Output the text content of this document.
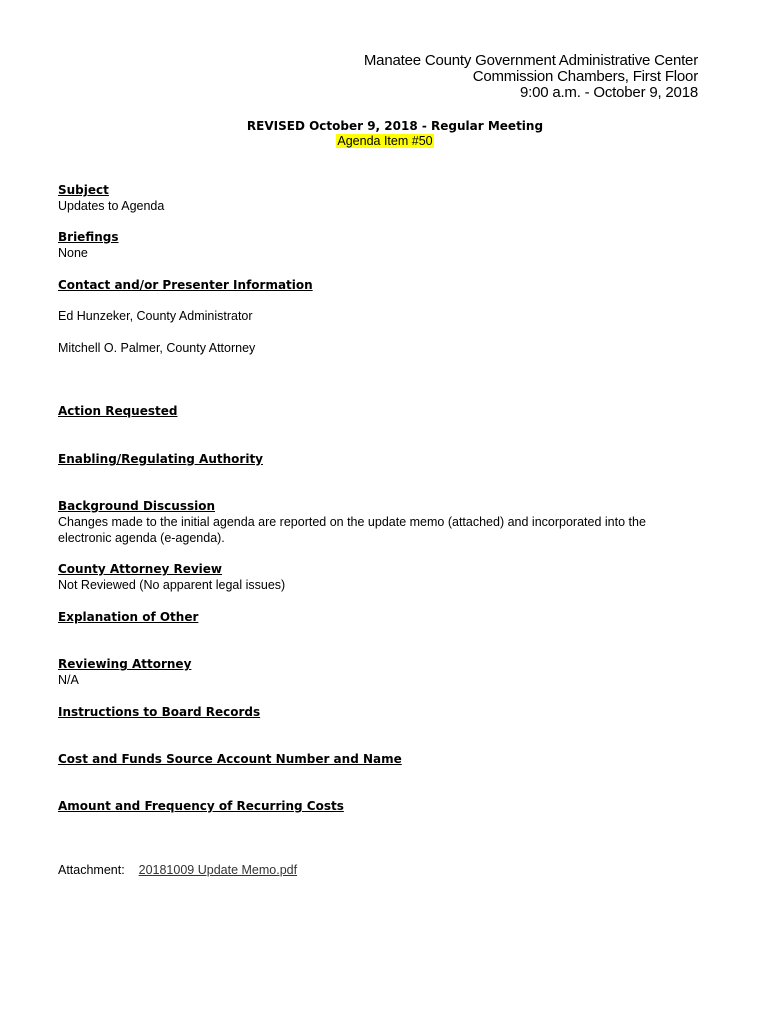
Manatee County Government Administrative Center
Commission Chambers, First Floor
9:00 a.m. - October 9, 2018
REVISED October 9, 2018 - Regular Meeting
Agenda Item #50
Subject
Updates to Agenda
Briefings
None
Contact and/or Presenter Information
Ed Hunzeker, County Administrator
Mitchell O. Palmer, County Attorney
Action Requested
Enabling/Regulating Authority
Background Discussion
Changes made to the initial agenda are reported on the update memo (attached) and incorporated into the
electronic agenda (e-agenda).
County Attorney Review
Not Reviewed (No apparent legal issues)
Explanation of Other
Reviewing Attorney
N/A
Instructions to Board Records
Cost and Funds Source Account Number and Name
Amount and Frequency of Recurring Costs
Attachment: 20181009 Update Memo.pdf
